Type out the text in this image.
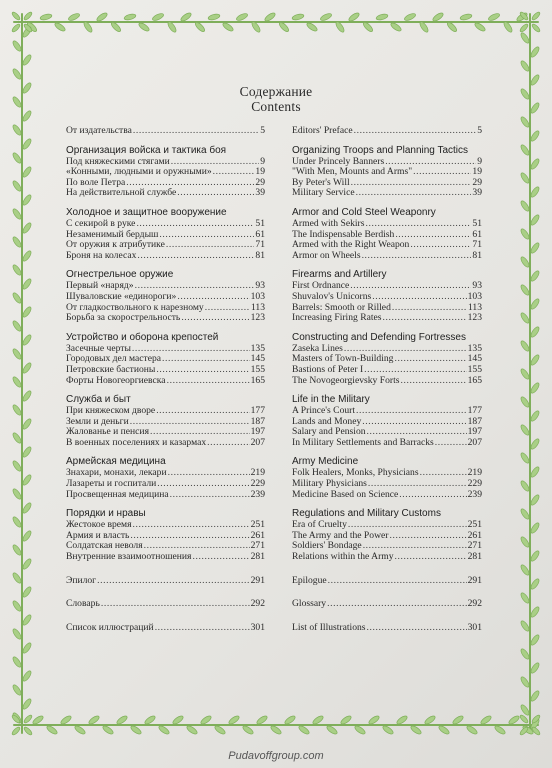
Содержание
Contents
От издательства .....	5
Организация войска и тактика боя
Под княжескими стягами .....	9
«Конными, людными и оружными» .....	19
По воле Петра .....	29
На действительной службе .....	39
Холодное и защитное вооружение
С секирой в руке .....	51
Незаменимый бердыш .....	61
От оружия к атрибутике .....	71
Броня на колесах .....	81
Огнестрельное оружие
Первый «наряд» .....	93
Шуваловские «единороги» .....	103
От гладкоствольного к нарезному .....	113
Борьба за скорострельность .....	123
Устройство и оборона крепостей
Засечные черты .....	135
Городовых дел мастера .....	145
Петровские бастионы .....	155
Форты Новогеоргиевска .....	165
Служба и быт
При княжеском дворе .....	177
Земли и деньги .....	187
Жалованье и пенсия .....	197
В военных поселениях и казармах .....	207
Армейская медицина
Знахари, монахи, лекари .....	219
Лазареты и госпитали .....	229
Просвещенная медицина .....	239
Порядки и нравы
Жестокое время .....	251
Армия и власть .....	261
Солдатская неволя .....	271
Внутренние взаимоотношения .....	281
Эпилог .....	291
Словарь .....	292
Список иллюстраций .....	301
Editors' Preface .....	5
Organizing Troops and Planning Tactics
Under Princely Banners .....	9
"With Men, Mounts and Arms" .....	19
By Peter's Will .....	29
Military Service .....	39
Armor and Cold Steel Weaponry
Armed with Sekirs .....	51
The Indispensable Berdish .....	61
Armed with the Right Weapon .....	71
Armor on Wheels .....	81
Firearms and Artillery
First Ordnance .....	93
Shuvalov's Unicorns .....	103
Barrels: Smooth or Rilled .....	113
Increasing Firing Rates .....	123
Constructing and Defending Fortresses
Zaseka Lines .....	135
Masters of Town-Building .....	145
Bastions of Peter I .....	155
The Novogeorgievsky Forts .....	165
Life in the Military
A Prince's Court .....	177
Lands and Money .....	187
Salary and Pension .....	197
In Military Settlements and Barracks .....	207
Army Medicine
Folk Healers, Monks, Physicians .....	219
Military Physicians .....	229
Medicine Based on Science .....	239
Regulations and Military Customs
Era of Cruelty .....	251
The Army and the Power .....	261
Soldiers' Bondage .....	271
Relations within the Army .....	281
Epilogue .....	291
Glossary .....	292
List of Illustrations .....	301
Pudavoffgroup.com
